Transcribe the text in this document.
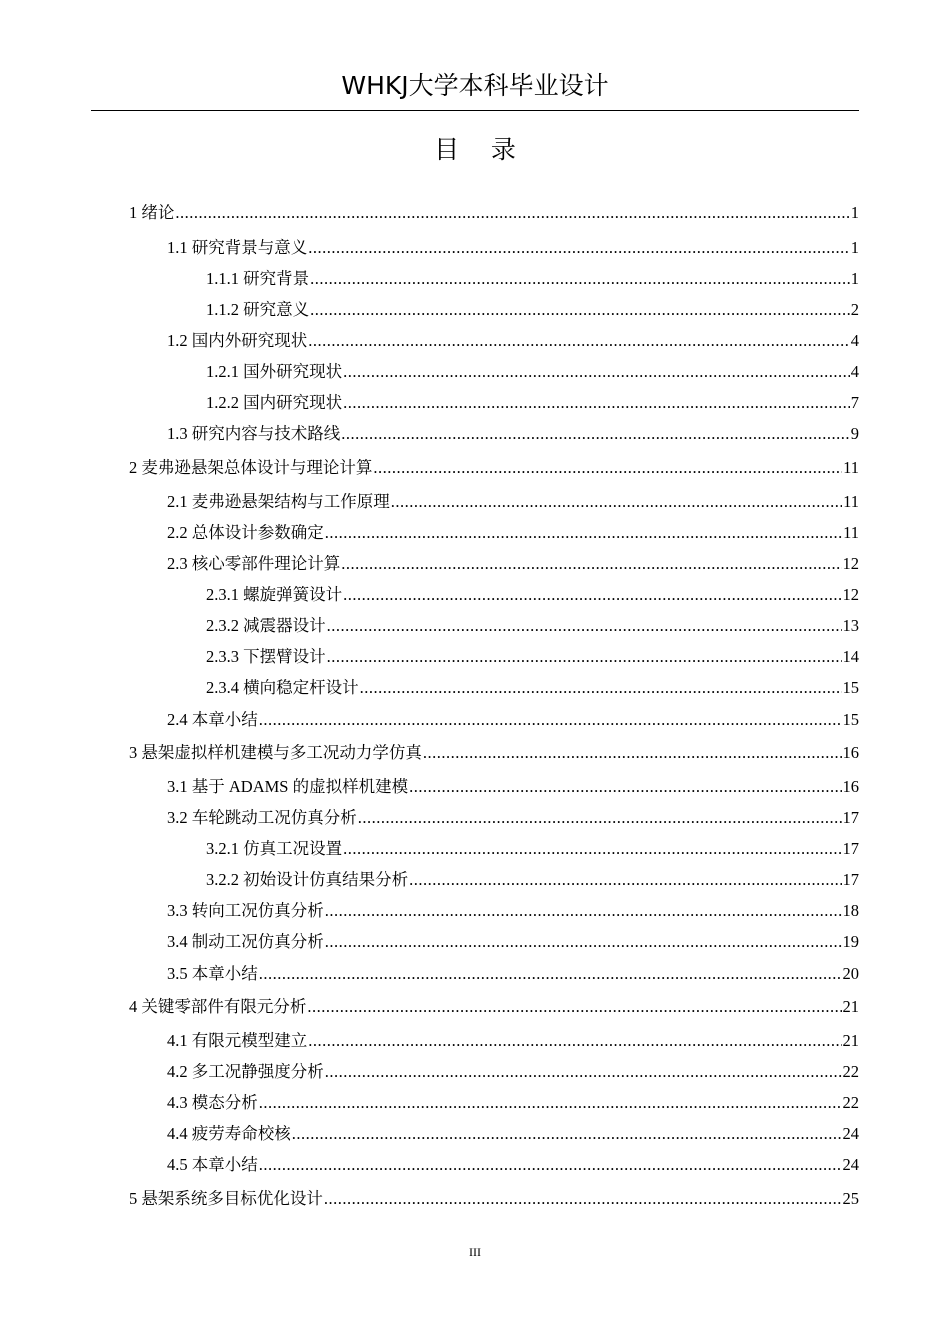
WHKJ大学本科毕业设计
目    录
1 绪论 .....	1
1.1 研究背景与意义 .....	1
1.1.1 研究背景 .....	1
1.1.2 研究意义 .....	2
1.2 国内外研究现状 .....	4
1.2.1 国外研究现状 .....	4
1.2.2 国内研究现状 .....	7
1.3 研究内容与技术路线 .....	9
2 麦弗逊悬架总体设计与理论计算 .....	11
2.1 麦弗逊悬架结构与工作原理 .....	11
2.2 总体设计参数确定 .....	11
2.3 核心零部件理论计算 .....	12
2.3.1 螺旋弹簧设计 .....	12
2.3.2 减震器设计 .....	13
2.3.3 下摆臂设计 .....	14
2.3.4 横向稳定杆设计 .....	15
2.4 本章小结 .....	15
3 悬架虚拟样机建模与多工况动力学仿真 .....	16
3.1 基于 ADAMS 的虚拟样机建模 .....	16
3.2 车轮跳动工况仿真分析 .....	17
3.2.1 仿真工况设置 .....	17
3.2.2 初始设计仿真结果分析 .....	17
3.3 转向工况仿真分析 .....	18
3.4 制动工况仿真分析 .....	19
3.5 本章小结 .....	20
4 关键零部件有限元分析 .....	21
4.1 有限元模型建立 .....	21
4.2 多工况静强度分析 .....	22
4.3 模态分析 .....	22
4.4 疲劳寿命校核 .....	24
4.5 本章小结 .....	24
5 悬架系统多目标优化设计 .....	25
III
